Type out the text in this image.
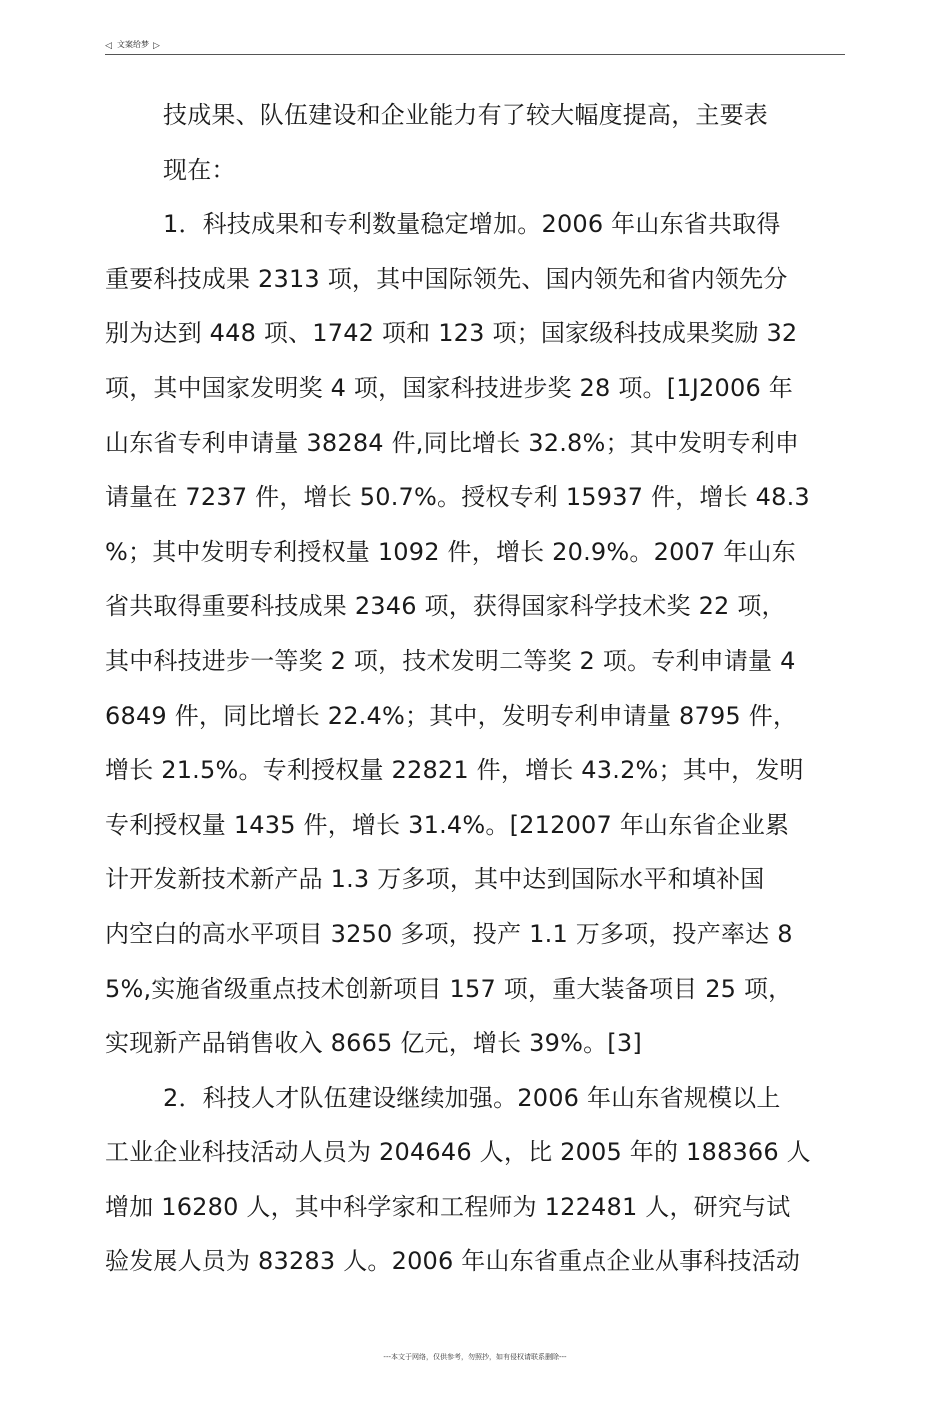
◁ 文案给梦 ▷
技成果、队伍建设和企业能力有了较大幅度提高，主要表
现在：
1．科技成果和专利数量稳定增加。2006 年山东省共取得
重要科技成果 2313 项，其中国际领先、国内领先和省内领先分
别为达到 448 项、1742 项和 123 项；国家级科技成果奖励 32
项，其中国家发明奖 4 项，国家科技进步奖 28 项。[1J2006 年
山东省专利申请量 38284 件,同比增长 32.8%；其中发明专利申
请量在 7237 件，增长 50.7%。授权专利 15937 件，增长 48.3
%；其中发明专利授权量 1092 件，增长 20.9%。2007 年山东
省共取得重要科技成果 2346 项，获得国家科学技术奖 22 项，
其中科技进步一等奖 2 项，技术发明二等奖 2 项。专利申请量 4
6849 件，同比增长 22.4%；其中，发明专利申请量 8795 件，
增长 21.5%。专利授权量 22821 件，增长 43.2%；其中，发明
专利授权量 1435 件，增长 31.4%。[212007 年山东省企业累
计开发新技术新产品 1.3 万多项，其中达到国际水平和填补国
内空白的高水平项目 3250 多项，投产 1.1 万多项，投产率达 8
5%,实施省级重点技术创新项目 157 项，重大装备项目 25 项，
实现新产品销售收入 8665 亿元，增长 39%。[3]
2．科技人才队伍建设继续加强。2006 年山东省规模以上
工业企业科技活动人员为 204646 人，比 2005 年的 188366 人
增加 16280 人，其中科学家和工程师为 122481 人，研究与试
验发展人员为 83283 人。2006 年山东省重点企业从事科技活动
---本文于网络，仅供参考，勿照抄，如有侵权请联系删除---
